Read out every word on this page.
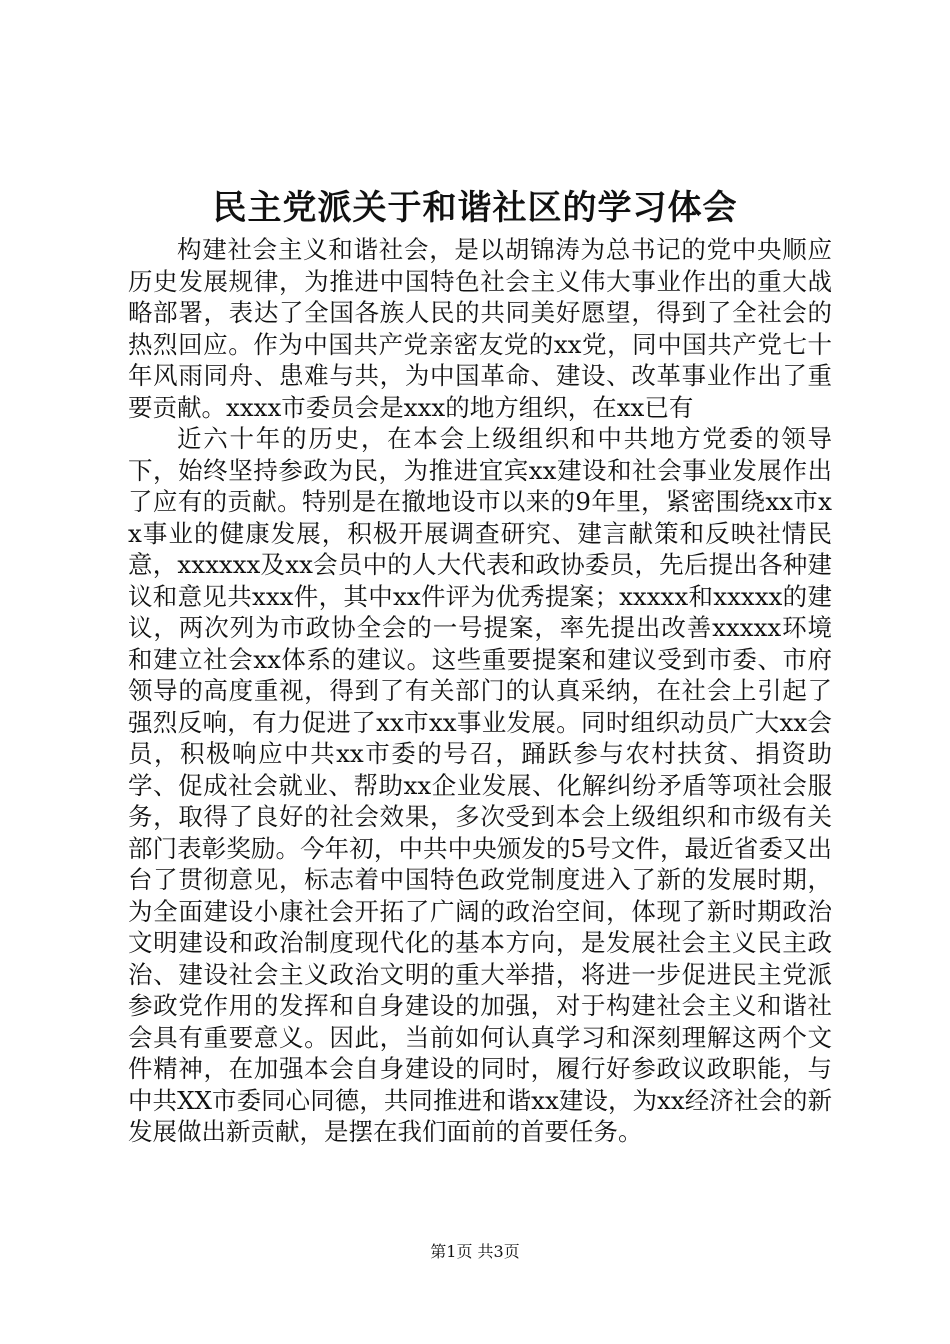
民主党派关于和谐社区的学习体会

构建社会主义和谐社会，是以胡锦涛为总书记的党中央顺应历史发展规律，为推进中国特色社会主义伟大事业作出的重大战略部署，表达了全国各族人民的共同美好愿望，得到了全社会的热烈回应。作为中国共产党亲密友党的xx党，同中国共产党七十年风雨同舟、患难与共，为中国革命、建设、改革事业作出了重要贡献。xxxx市委员会是xxx的地方组织，在xx已有

近六十年的历史，在本会上级组织和中共地方党委的领导下，始终坚持参政为民，为推进宜宾xx建设和社会事业发展作出了应有的贡献。特别是在撤地设市以来的9年里，紧密围绕xx市xx事业的健康发展，积极开展调查研究、建言献策和反映社情民意，xxxxxx及xx会员中的人大代表和政协委员，先后提出各种建议和意见共xxx件，其中xx件评为优秀提案；xxxxx和xxxxx的建议，两次列为市政协全会的一号提案，率先提出改善xxxxx环境和建立社会xx体系的建议。这些重要提案和建议受到市委、市府领导的高度重视，得到了有关部门的认真采纳，在社会上引起了强烈反响，有力促进了xx市xx事业发展。同时组织动员广大xx会员，积极响应中共xx市委的号召，踊跃参与农村扶贫、捐资助学、促成社会就业、帮助xx企业发展、化解纠纷矛盾等项社会服务，取得了良好的社会效果，多次受到本会上级组织和市级有关部门表彰奖励。今年初，中共中央颁发的5号文件，最近省委又出台了贯彻意见，标志着中国特色政党制度进入了新的发展时期，为全面建设小康社会开拓了广阔的政治空间，体现了新时期政治文明建设和政治制度现代化的基本方向，是发展社会主义民主政治、建设社会主义政治文明的重大举措，将进一步促进民主党派参政党作用的发挥和自身建设的加强，对于构建社会主义和谐社会具有重要意义。因此，当前如何认真学习和深刻理解这两个文件精神，在加强本会自身建设的同时，履行好参政议政职能，与中共XX市委同心同德，共同推进和谐xx建设，为xx经济社会的新发展做出新贡献，是摆在我们面前的首要任务。

第1页 共3页
